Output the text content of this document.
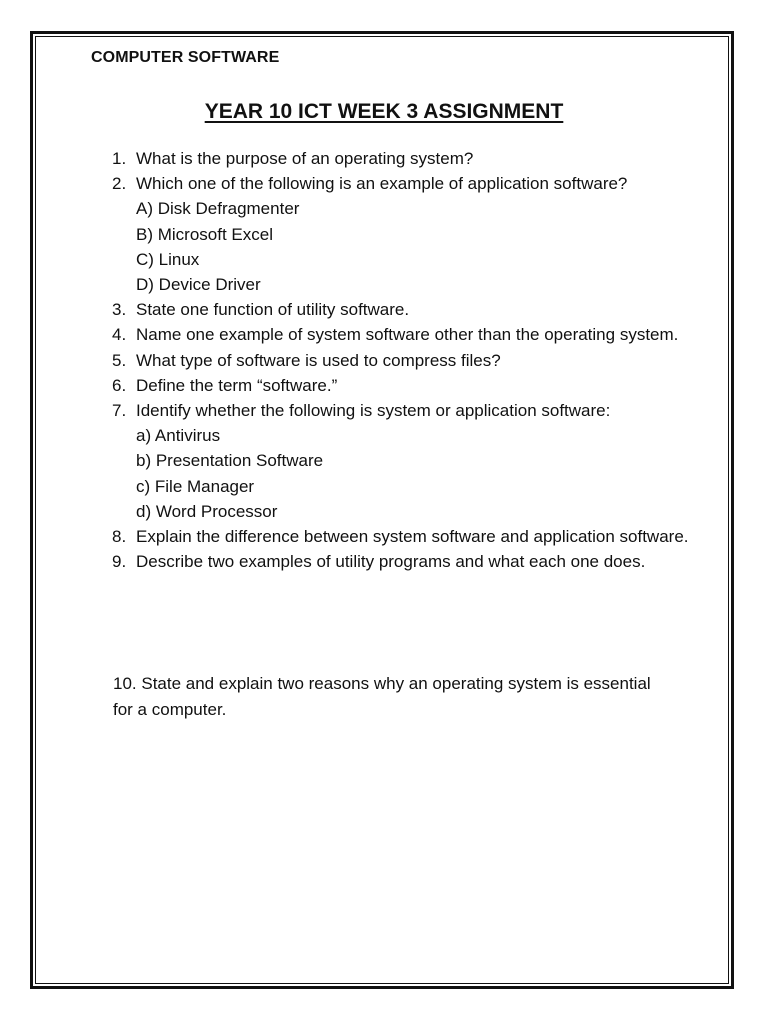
COMPUTER SOFTWARE
YEAR 10 ICT WEEK 3 ASSIGNMENT
1. What is the purpose of an operating system?
2. Which one of the following is an example of application software?
A) Disk Defragmenter
B) Microsoft Excel
C) Linux
D) Device Driver
3. State one function of utility software.
4. Name one example of system software other than the operating system.
5. What type of software is used to compress files?
6. Define the term “software.”
7. Identify whether the following is system or application software:
a) Antivirus
b) Presentation Software
c) File Manager
d) Word Processor
8. Explain the difference between system software and application software.
9. Describe two examples of utility programs and what each one does.
10. State and explain two reasons why an operating system is essential for a computer.
